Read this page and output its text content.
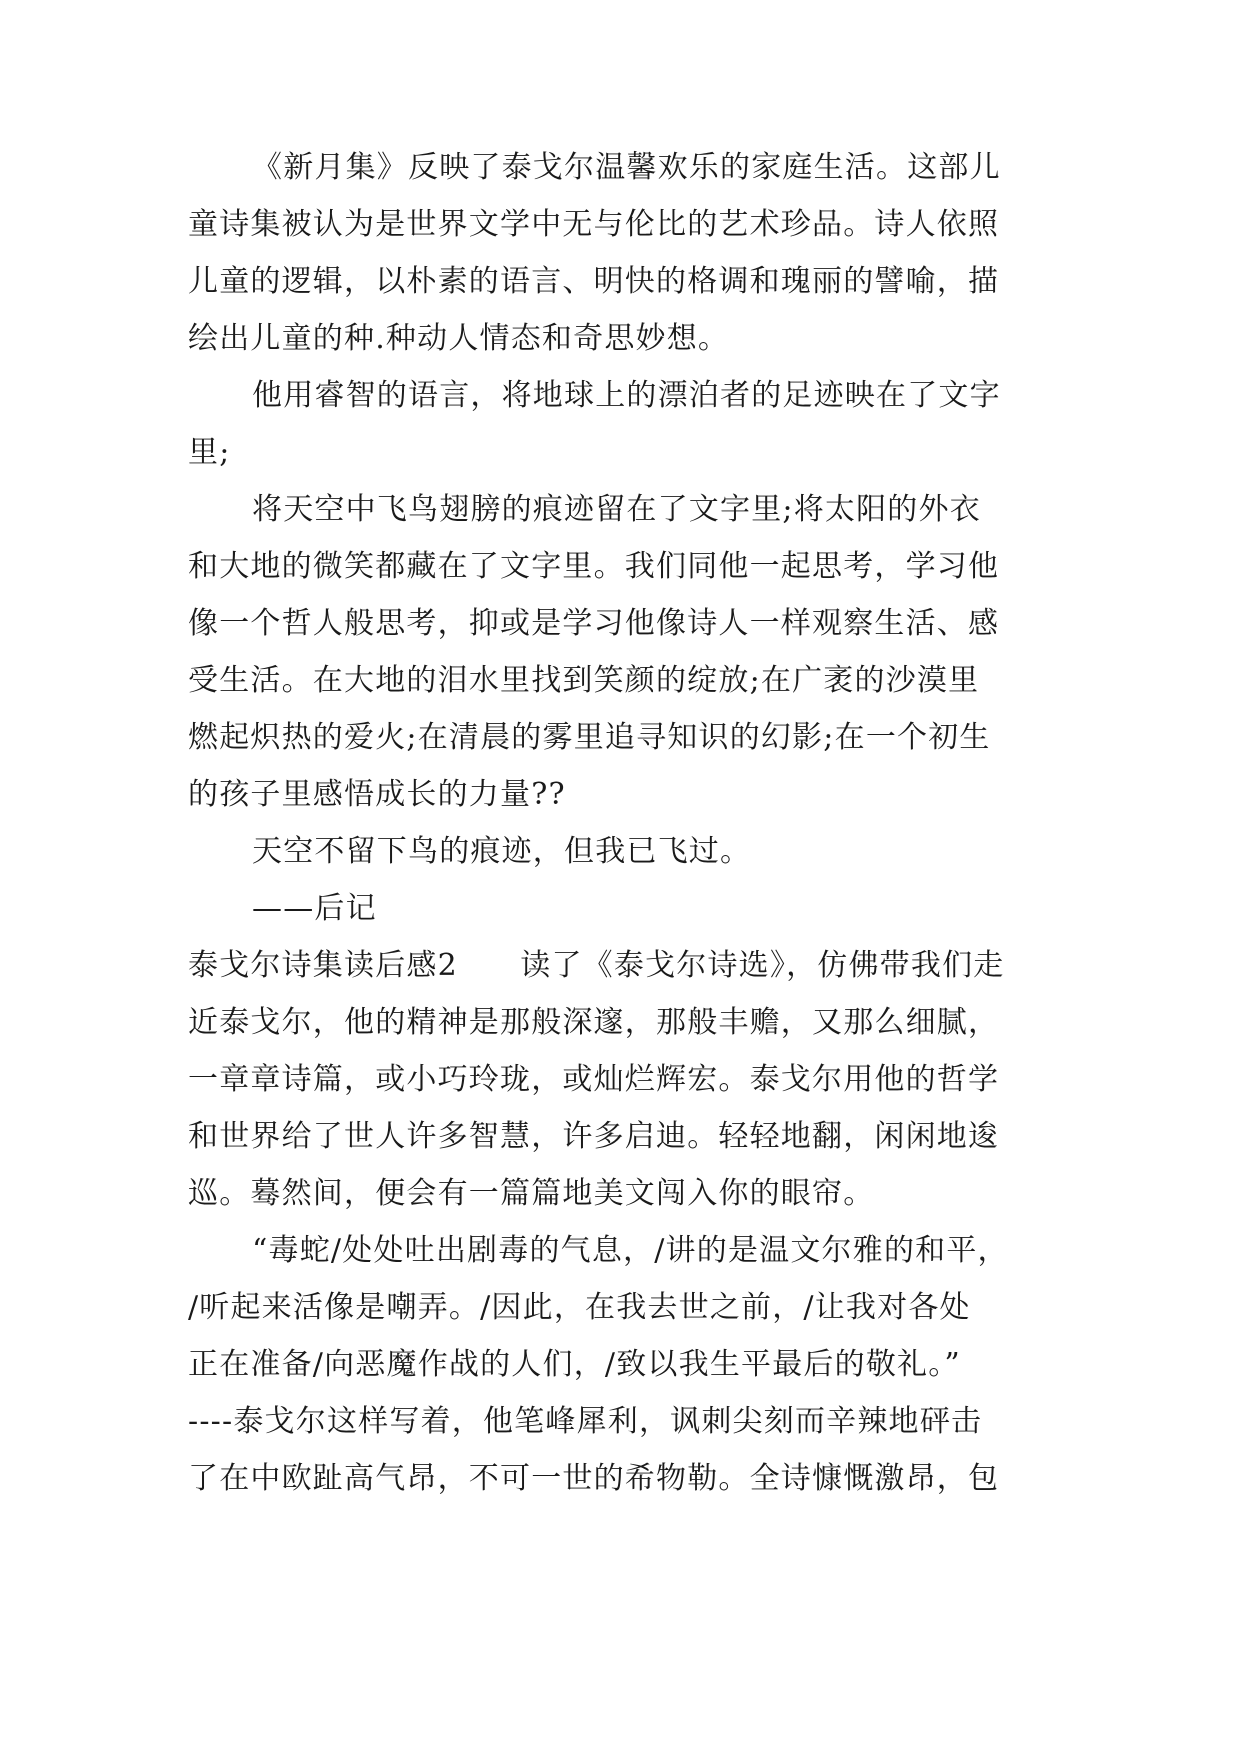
《新月集》反映了泰戈尔温馨欢乐的家庭生活。这部儿
童诗集被认为是世界文学中无与伦比的艺术珍品。诗人依照
儿童的逻辑，以朴素的语言、明快的格调和瑰丽的譬喻，描
绘出儿童的种.种动人情态和奇思妙想。
他用睿智的语言，将地球上的漂泊者的足迹映在了文字
里;
将天空中飞鸟翅膀的痕迹留在了文字里;将太阳的外衣
和大地的微笑都藏在了文字里。我们同他一起思考，学习他
像一个哲人般思考，抑或是学习他像诗人一样观察生活、感
受生活。在大地的泪水里找到笑颜的绽放;在广袤的沙漠里
燃起炽热的爱火;在清晨的雾里追寻知识的幻影;在一个初生
的孩子里感悟成长的力量??
天空不留下鸟的痕迹，但我已飞过。
——后记
泰戈尔诗集读后感2　　读了《泰戈尔诗选》，仿佛带我们走
近泰戈尔，他的精神是那般深邃，那般丰赡，又那么细腻，
一章章诗篇，或小巧玲珑，或灿烂辉宏。泰戈尔用他的哲学
和世界给了世人许多智慧，许多启迪。轻轻地翻，闲闲地逡
巡。蓦然间，便会有一篇篇地美文闯入你的眼帘。
“毒蛇/处处吐出剧毒的气息，/讲的是温文尔雅的和平，
/听起来活像是嘲弄。/因此，在我去世之前，/让我对各处
正在准备/向恶魔作战的人们，/致以我生平最后的敬礼。”
----泰戈尔这样写着，他笔峰犀利，讽刺尖刻而辛辣地砰击
了在中欧趾高气昂，不可一世的希物勒。全诗慷慨激昂，包
